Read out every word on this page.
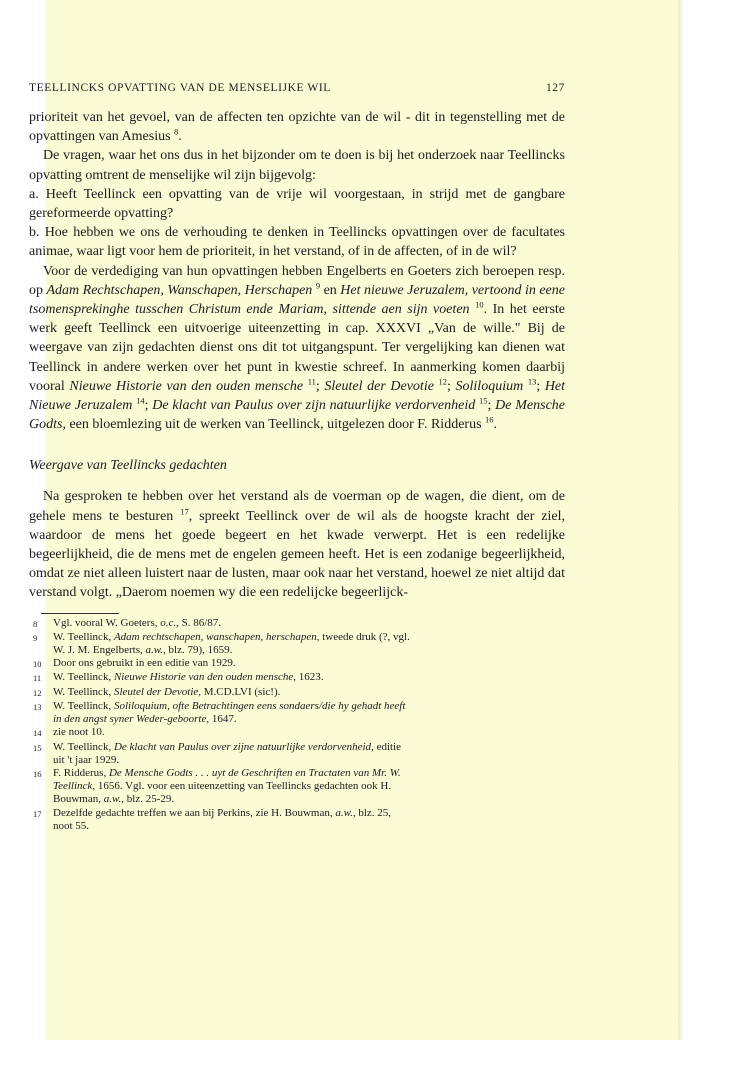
TEELLINCKS OPVATTING VAN DE MENSELIJKE WIL	127

prioriteit van het gevoel, van de affecten ten opzichte van de wil - dit in tegenstelling met de opvattingen van Amesius $^8$.

De vragen, waar het ons dus in het bijzonder om te doen is bij het onderzoek naar Teellincks opvatting omtrent de menselijke wil zijn bijgevolg:

a. Heeft Teellinck een opvatting van de vrije wil voorgestaan, in strijd met de gangbare gereformeerde opvatting?

b. Hoe hebben we ons de verhouding te denken in Teellincks opvattingen over de facultates animae, waar ligt voor hem de prioriteit, in het verstand, of in de affecten, of in de wil?

Voor de verdediging van hun opvattingen hebben Engelberts en Goeters zich beroepen resp. op Adam Rechtschapen, Wanschapen, Herschapen $^9$ en Het nieuwe Jeruzalem, vertoond in eene tsomensprekinghe tusschen Christum ende Mariam, sittende aen sijn voeten $^{10}$. In het eerste werk geeft Teellinck een uitvoerige uiteenzetting in cap. XXXVI „Van de wille." Bij de weergave van zijn gedachten dienst ons dit tot uitgangspunt. Ter vergelijking kan dienen wat Teellinck in andere werken over het punt in kwestie schreef. In aanmerking komen daarbij vooral Nieuwe Historie van den ouden mensche $^{11}$; Sleutel der Devotie $^{12}$; Soliloquium $^{13}$; Het Nieuwe Jeruzalem $^{14}$; De klacht van Paulus over zijn natuurlijke verdorvenheid $^{15}$; De Mensche Godts, een bloemlezing uit de werken van Teellinck, uitgelezen door F. Ridderus $^{16}$.

Weergave van Teellincks gedachten

Na gesproken te hebben over het verstand als de voerman op de wagen, die dient, om de gehele mens te besturen $^{17}$, spreekt Teellinck over de wil als de hoogste kracht der ziel, waardoor de mens het goede begeert en het kwade verwerpt. Het is een redelijke begeerlijkheid, die de mens met de engelen gemeen heeft. Het is een zodanige begeerlijkheid, omdat ze niet alleen luistert naar de lusten, maar ook naar het verstand, hoewel ze niet altijd dat verstand volgt. „Daerom noemen wy die een redelijcke begeerlijck-

8	Vgl. vooral W. Goeters, o.c., S. 86/87.
9	W. Teellinck, Adam rechtschapen, wanschapen, herschapen, tweede druk (?, vgl.
W. J. M. Engelberts, a.w., blz. 79), 1659.
10	Door ons gebruikt in een editie van 1929.
11	W. Teellinck, Nieuwe Historie van den ouden mensche, 1623.
12	W. Teellinck, Sleutel der Devotie, M.CD.LVI (sic!).
13	W. Teellinck, Soliloquium, ofte Betrachtingen eens sondaers/die hy gehadt heeft
in den angst syner Weder-geboorte, 1647.
14	zie noot 10.
15	W. Teellinck, De klacht van Paulus over zijne natuurlijke verdorvenheid, editie
uit 't jaar 1929.
16	F. Ridderus, De Mensche Godts . . . uyt de Geschriften en Tractaten van Mr. W.
Teellinck, 1656. Vgl. voor een uiteenzetting van Teellincks gedachten ook H.
Bouwman, a.w., blz. 25-29.
17	Dezelfde gedachte treffen we aan bij Perkins, zie H. Bouwman, a.w., blz. 25,
noot 55.
